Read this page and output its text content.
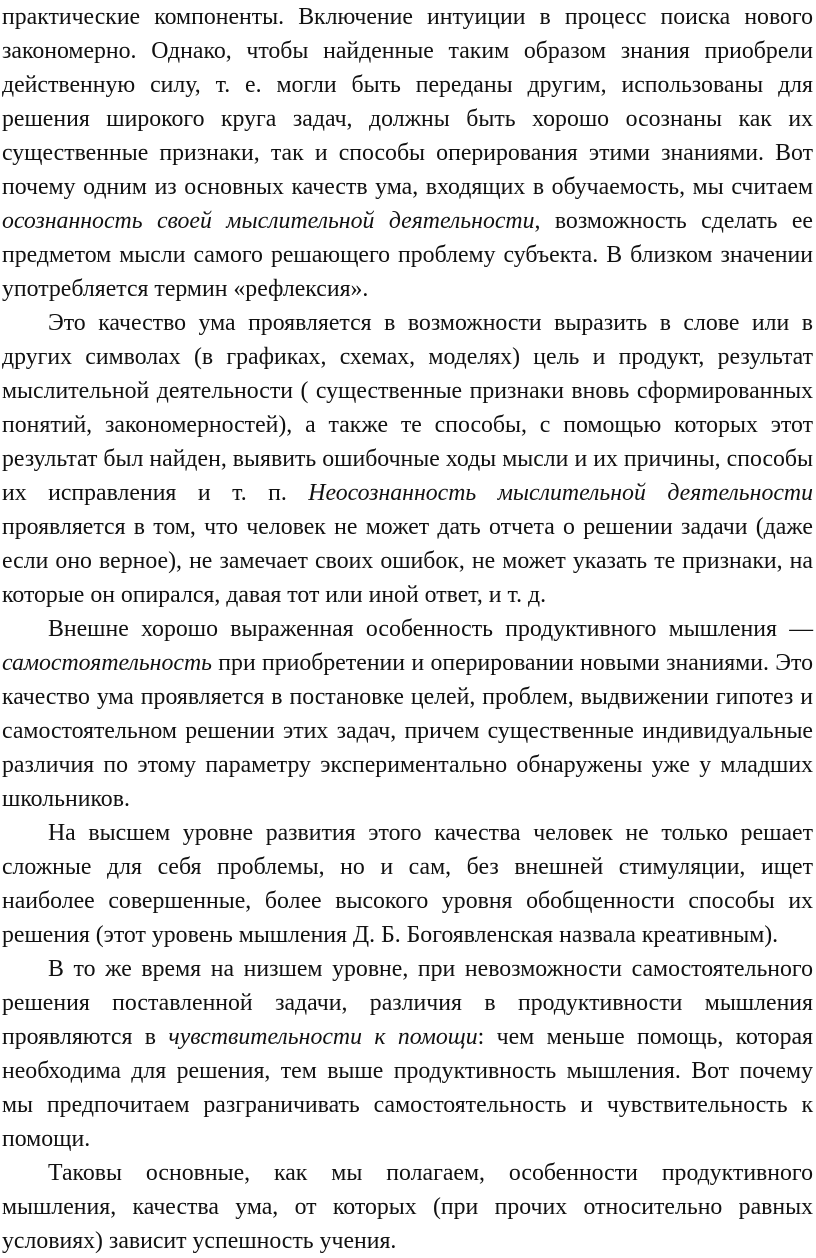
практические компоненты. Включение интуиции в процесс поиска нового закономерно. Однако, чтобы найденные таким образом знания приобрели действенную силу, т. е. могли быть переданы другим, использованы для решения широкого круга задач, должны быть хорошо осознаны как их существенные признаки, так и способы оперирования этими знаниями. Вот почему одним из основных качеств ума, входящих в обучаемость, мы считаем осознанность своей мыслительной деятельности, возможность сделать ее предметом мысли самого решающего проблему субъекта. В близком значении употребляется термин «рефлексия».

Это качество ума проявляется в возможности выразить в слове или в других символах (в графиках, схемах, моделях) цель и продукт, результат мыслительной деятельности ( существенные признаки вновь сформированных понятий, закономерностей), а также те способы, с помощью которых этот результат был найден, выявить ошибочные ходы мысли и их причины, способы их исправления и т. п. Неосознанность мыслительной деятельности проявляется в том, что человек не может дать отчета о решении задачи (даже если оно верное), не замечает своих ошибок, не может указать те признаки, на которые он опирался, давая тот или иной ответ, и т. д.

Внешне хорошо выраженная особенность продуктивного мышления — самостоятельность при приобретении и оперировании новыми знаниями. Это качество ума проявляется в постановке целей, проблем, выдвижении гипотез и самостоятельном решении этих задач, причем существенные индивидуальные различия по этому параметру экспериментально обнаружены уже у младших школьников.

На высшем уровне развития этого качества человек не только решает сложные для себя проблемы, но и сам, без внешней стимуляции, ищет наиболее совершенные, более высокого уровня обобщенности способы их решения (этот уровень мышления Д. Б. Богоявленская назвала креативным).

В то же время на низшем уровне, при невозможности самостоятельного решения поставленной задачи, различия в продуктивности мышления проявляются в чувствительности к помощи: чем меньше помощь, которая необходима для решения, тем выше продуктивность мышления. Вот почему мы предпочитаем разграничивать самостоятельность и чувствительность к помощи.

Таковы основные, как мы полагаем, особенности продуктивного мышления, качества ума, от которых (при прочих относительно равных условиях) зависит успешность учения.
